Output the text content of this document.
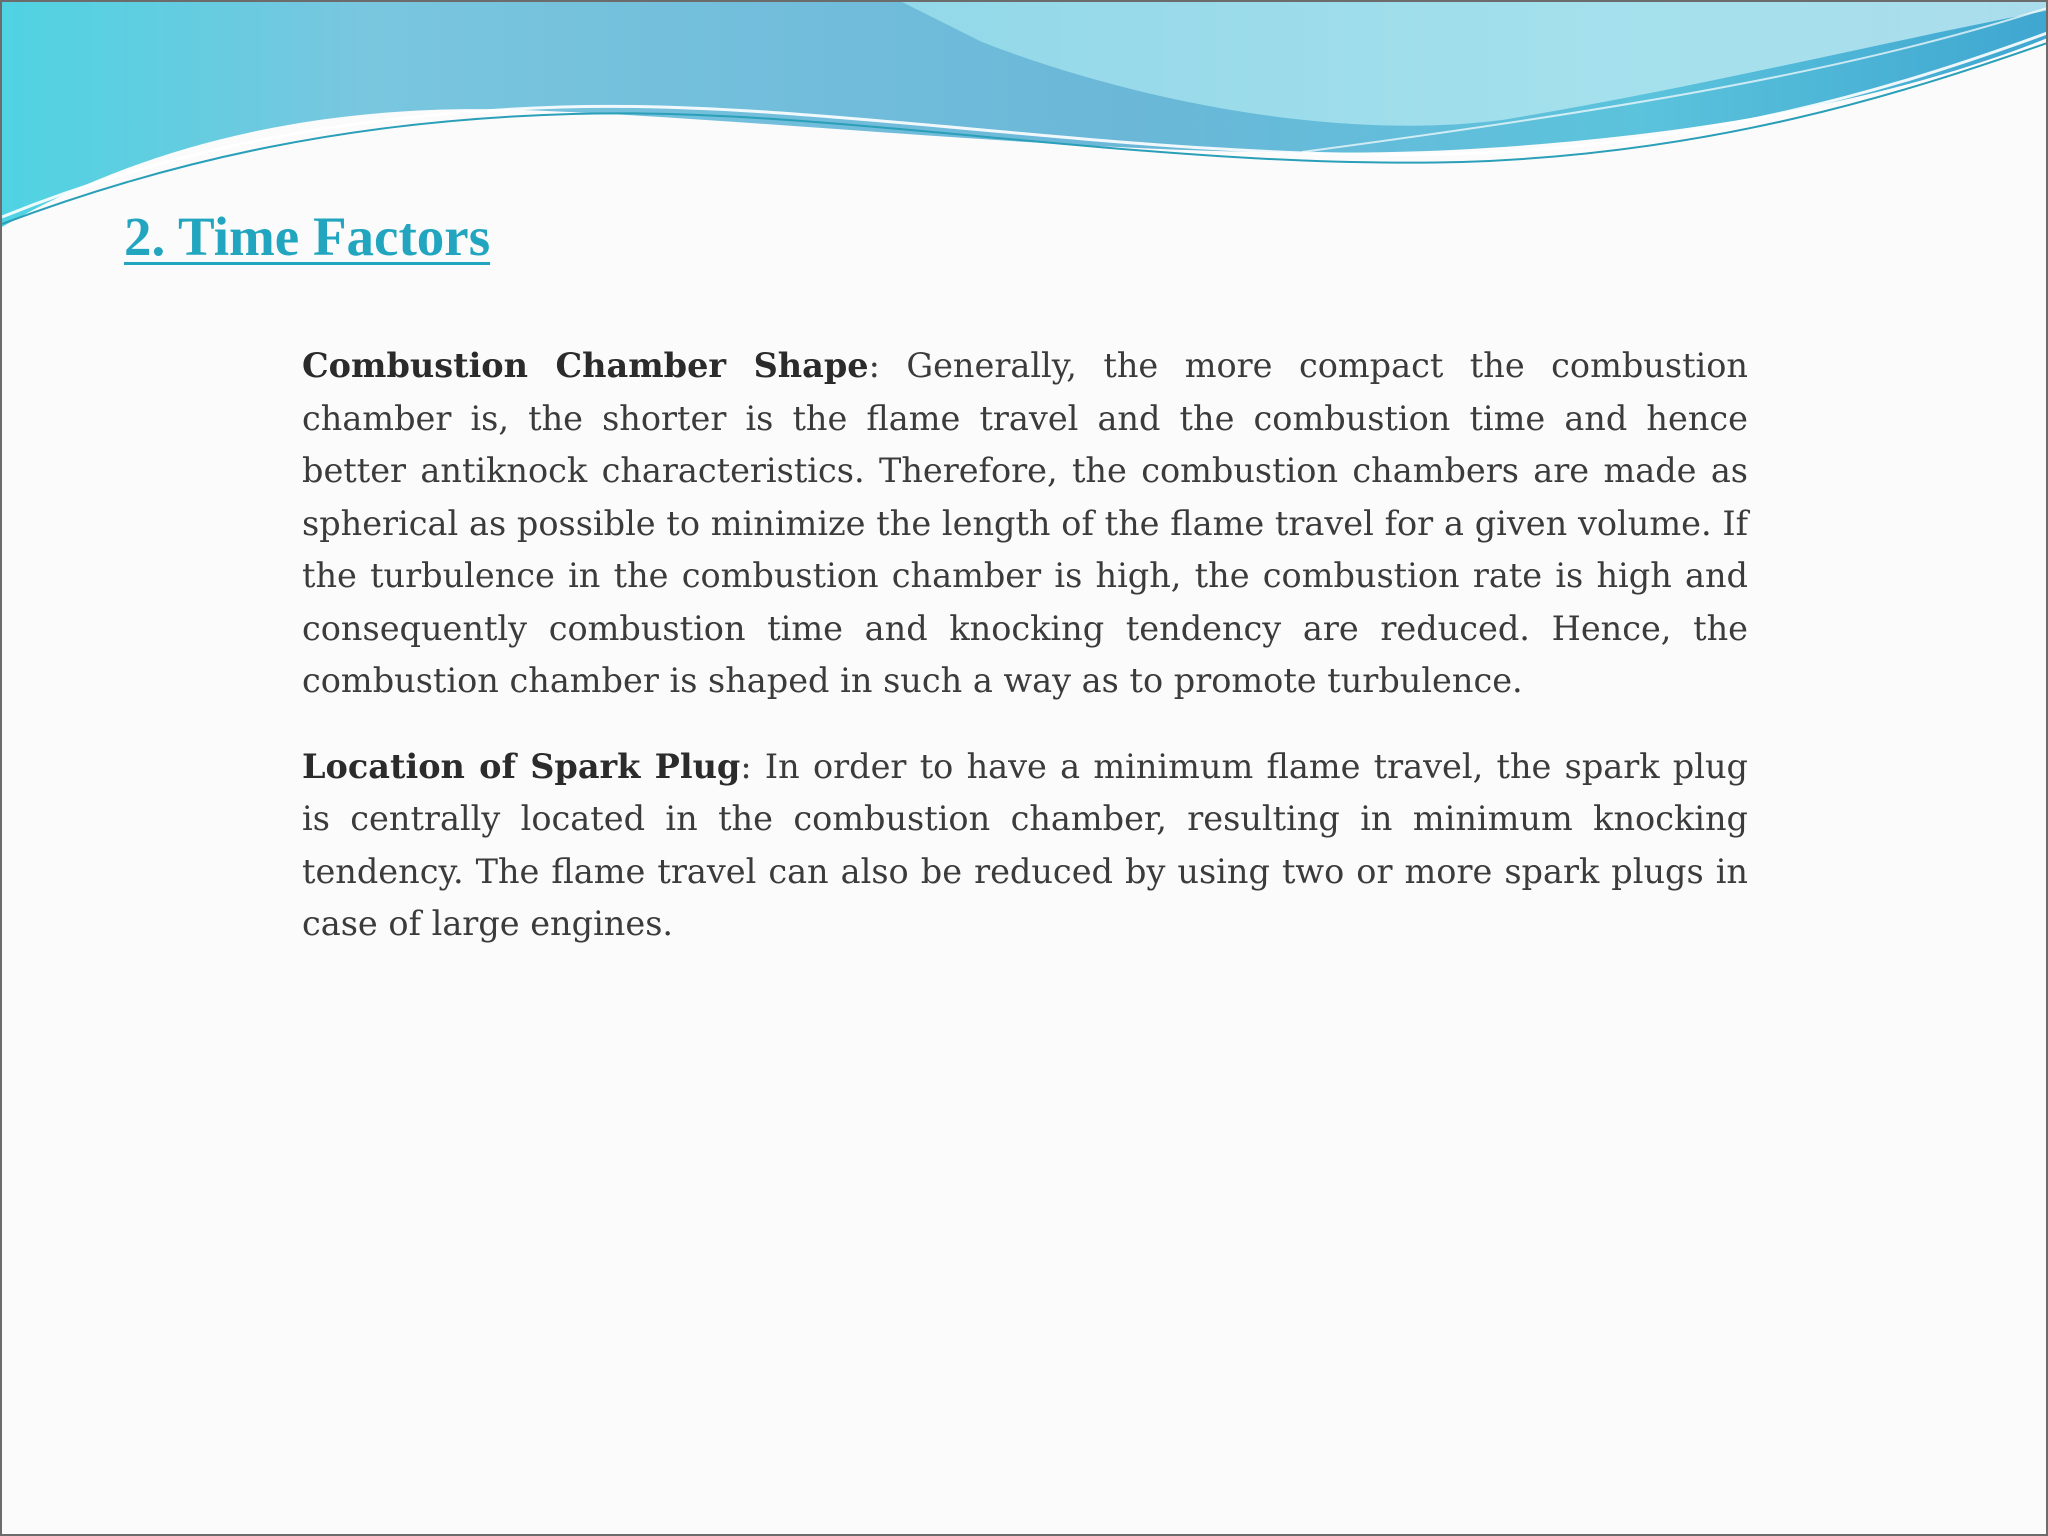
2. Time Factors

Combustion Chamber Shape: Generally, the more compact the combustion chamber is, the shorter is the flame travel and the combustion time and hence better antiknock characteristics. Therefore, the combustion chambers are made as spherical as possible to minimize the length of the flame travel for a given volume. If the turbulence in the combustion chamber is high, the combustion rate is high and consequently combustion time and knocking tendency are reduced. Hence, the combustion chamber is shaped in such a way as to promote turbulence.

Location of Spark Plug: In order to have a minimum flame travel, the spark plug is centrally located in the combustion chamber, resulting in minimum knocking tendency. The flame travel can also be reduced by using two or more spark plugs in case of large engines.
